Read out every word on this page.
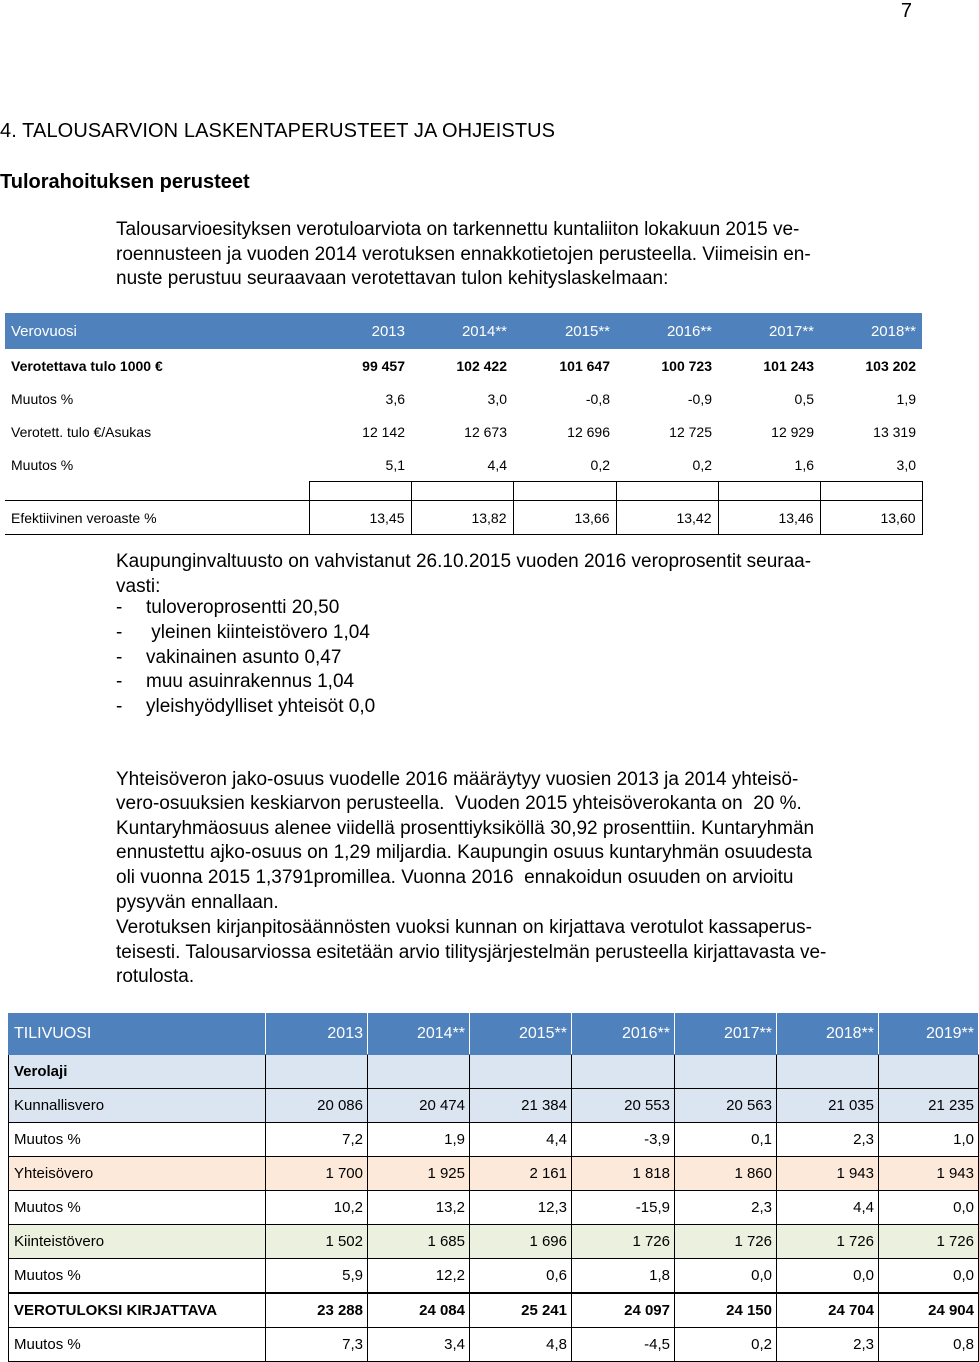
7
4. TALOUSARVION LASKENTAPERUSTEET JA OHJEISTUS
Tulorahoituksen perusteet

Talousarvioesityksen verotuloarviota on tarkennettu kuntaliiton lokakuun 2015 ve-
roennusteen ja vuoden 2014 verotuksen ennakkotietojen perusteella. Viimeisin en-
nuste perustuu seuraavaan verotettavan tulon kehityslaskelmaan:

Verovuosi	2013	2014**	2015**	2016**	2017**	2018**
Verotettava tulo 1000 €	99 457	102 422	101 647	100 723	101 243	103 202
Muutos %	3,6	3,0	-0,8	-0,9	0,5	1,9
Verotett. tulo €/Asukas	12 142	12 673	12 696	12 725	12 929	13 319
Muutos %	5,1	4,4	0,2	0,2	1,6	3,0

Efektiivinen veroaste %	13,45	13,82	13,66	13,42	13,46	13,60

Kaupunginvaltuusto on vahvistanut 26.10.2015 vuoden 2016 veroprosentit seuraa-
vasti:

-	tuloveroprosentti 20,50
-	yleinen kiinteistövero 1,04
-	vakinainen asunto 0,47
-	muu asuinrakennus 1,04
-	yleishyödylliset yhteisöt 0,0

Yhteisöveron jako-osuus vuodelle 2016 määräytyy vuosien 2013 ja 2014 yhteisö-
vero-osuuksien keskiarvon perusteella.  Vuoden 2015 yhteisöverokanta on  20 %.
Kuntaryhmäosuus alenee viidellä prosenttiyksiköllä 30,92 prosenttiin. Kuntaryhmän
ennustettu ajko-osuus on 1,29 miljardia. Kaupungin osuus kuntaryhmän osuudesta
oli vuonna 2015 1,3791promillea. Vuonna 2016  ennakoidun osuuden on arvioitu
pysyvän ennallaan.

Verotuksen kirjanpitosäännösten vuoksi kunnan on kirjattava verotulot kassaperus-
teisesti. Talousarviossa esitetään arvio tilitysjärjestelmän perusteella kirjattavasta ve-
rotulosta.

TILIVUOSI	2013	2014**	2015**	2016**	2017**	2018**	2019**
Verolaji							
Kunnallisvero	20 086	20 474	21 384	20 553	20 563	21 035	21 235
Muutos %	7,2	1,9	4,4	-3,9	0,1	2,3	1,0
Yhteisövero	1 700	1 925	2 161	1 818	1 860	1 943	1 943
Muutos %	10,2	13,2	12,3	-15,9	2,3	4,4	0,0
Kiinteistövero	1 502	1 685	1 696	1 726	1 726	1 726	1 726
Muutos %	5,9	12,2	0,6	1,8	0,0	0,0	0,0
VEROTULOKSI KIRJATTAVA	23 288	24 084	25 241	24 097	24 150	24 704	24 904
Muutos %	7,3	3,4	4,8	-4,5	0,2	2,3	0,8
